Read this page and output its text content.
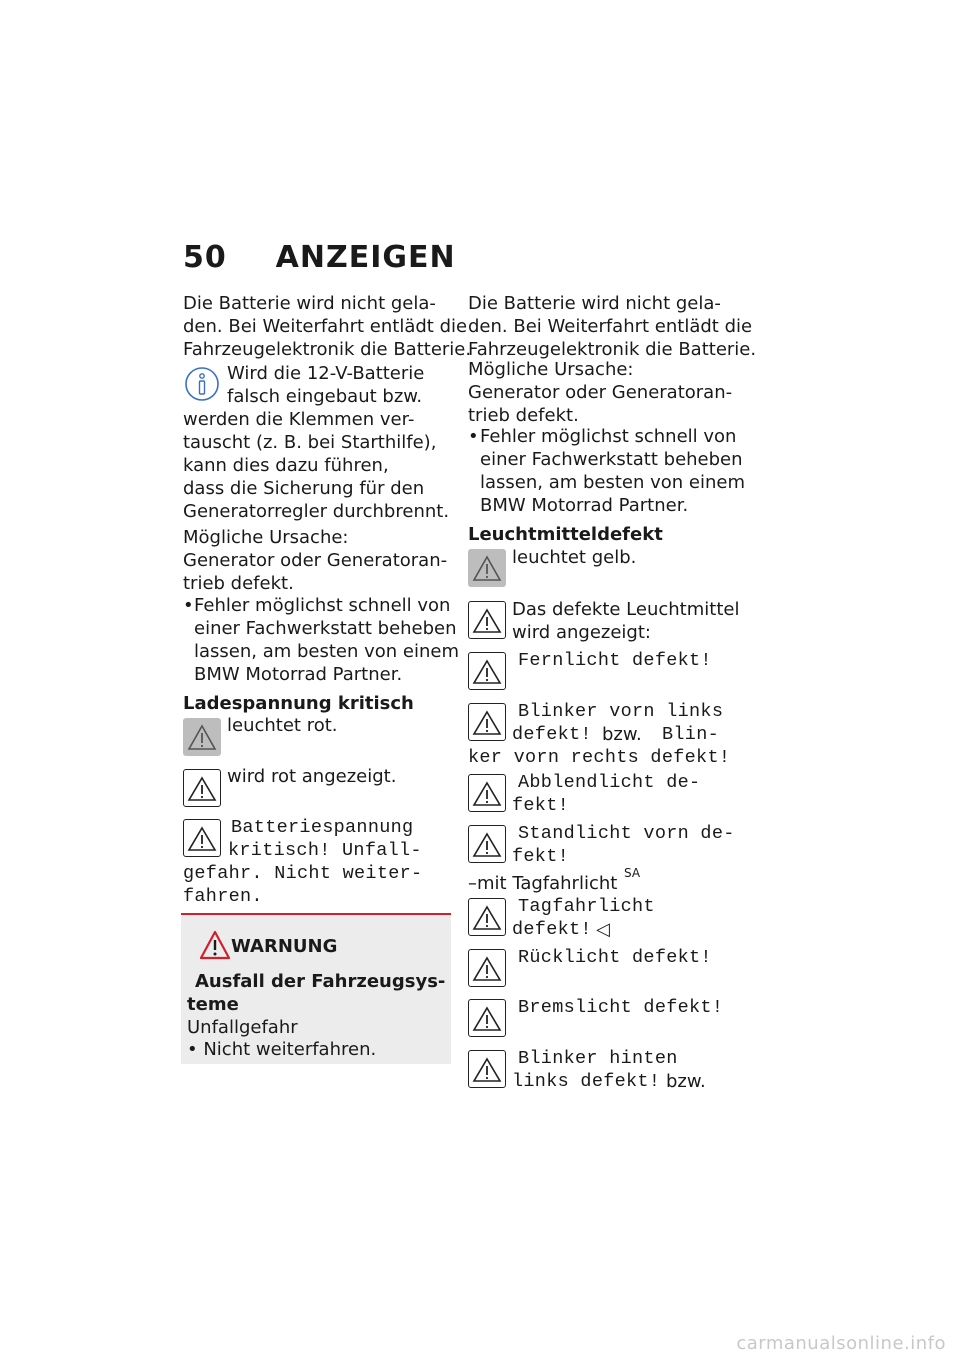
50 ANZEIGEN
Die Batterie wird nicht gela-
den. Bei Weiterfahrt entlädt die
Fahrzeugelektronik die Batterie.
Wird die 12-V-Batterie
falsch eingebaut bzw.
werden die Klemmen ver-
tauscht (z. B. bei Starthilfe),
kann dies dazu führen,
dass die Sicherung für den
Generatorregler durchbrennt.
Mögliche Ursache:
Generator oder Generatoran-
trieb defekt.
• Fehler möglichst schnell von
einer Fachwerkstatt beheben
lassen, am besten von einem
BMW Motorrad Partner.
Ladespannung kritisch
leuchtet rot.
wird rot angezeigt.
Batteriespannung
kritisch! Unfall-
gefahr. Nicht weiter-
fahren.
WARNUNG
Ausfall der Fahrzeugsys-
teme
Unfallgefahr
• Nicht weiterfahren.
Die Batterie wird nicht gela-
den. Bei Weiterfahrt entlädt die
Fahrzeugelektronik die Batterie.
Mögliche Ursache:
Generator oder Generatoran-
trieb defekt.
• Fehler möglichst schnell von
einer Fachwerkstatt beheben
lassen, am besten von einem
BMW Motorrad Partner.
Leuchtmitteldefekt
leuchtet gelb.
Das defekte Leuchtmittel
wird angezeigt:
Fernlicht defekt!
Blinker vorn links
defekt! bzw. Blin-
ker vorn rechts defekt!
Abblendlicht de-
fekt!
Standlicht vorn de-
fekt!
–mit Tagfahrlicht SA
Tagfahrlicht
defekt! ◁
Rücklicht defekt!
Bremslicht defekt!
Blinker hinten
links defekt! bzw.
carmanualsonline.info
